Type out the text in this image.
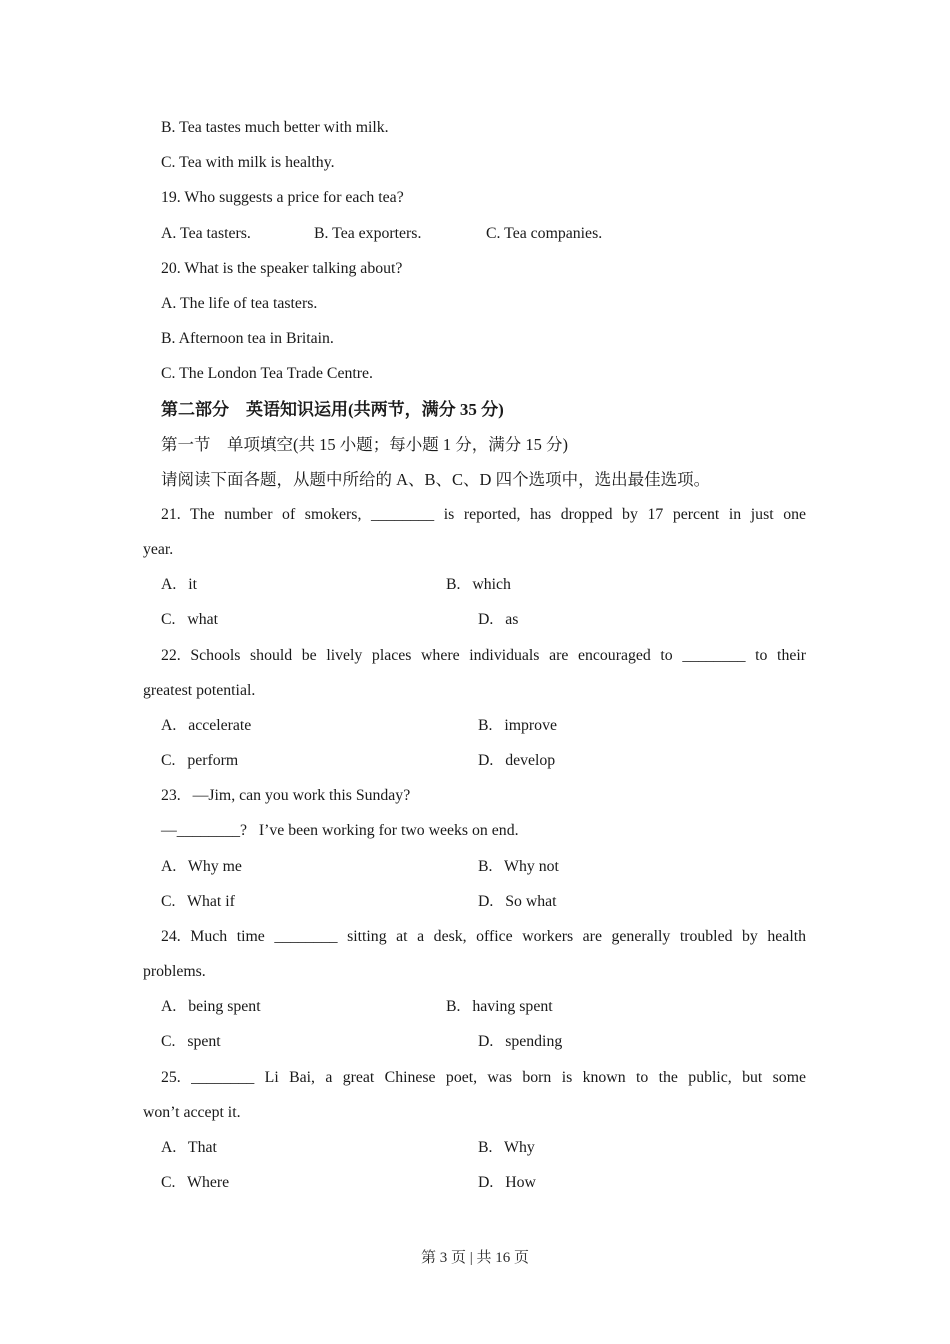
B. Tea tastes much better with milk.
C. Tea with milk is healthy.
19. Who suggests a price for each tea?
A. Tea tasters.	B. Tea exporters.	C. Tea companies.
20. What is the speaker talking about?
A. The life of tea tasters.
B. Afternoon tea in Britain.
C. The London Tea Trade Centre.
第二部分　英语知识运用(共两节，满分 35 分)
第一节　单项填空(共 15 小题；每小题 1 分，满分 15 分)
请阅读下面各题，从题中所给的 A、B、C、D 四个选项中，选出最佳选项。
21. The number of smokers, ________ is reported, has dropped by 17 percent in just one
year.
A.   it	B.   which
C.   what	D.   as
22. Schools should be lively places where individuals are encouraged to ________ to their
greatest potential.
A.   accelerate	B.   improve
C.   perform	D.   develop
23.   —Jim, can you work this Sunday?
—________?   I’ve been working for two weeks on end.
A.   Why me	B.   Why not
C.   What if	D.   So what
24. Much time ________ sitting at a desk, office workers are generally troubled by health
problems.
A.   being spent	B.   having spent
C.   spent	D.   spending
25. ________ Li Bai, a great Chinese poet, was born is known to the public, but some
won’t accept it.
A.   That	B.   Why
C.   Where	D.   How
第 3 页 | 共 16 页
